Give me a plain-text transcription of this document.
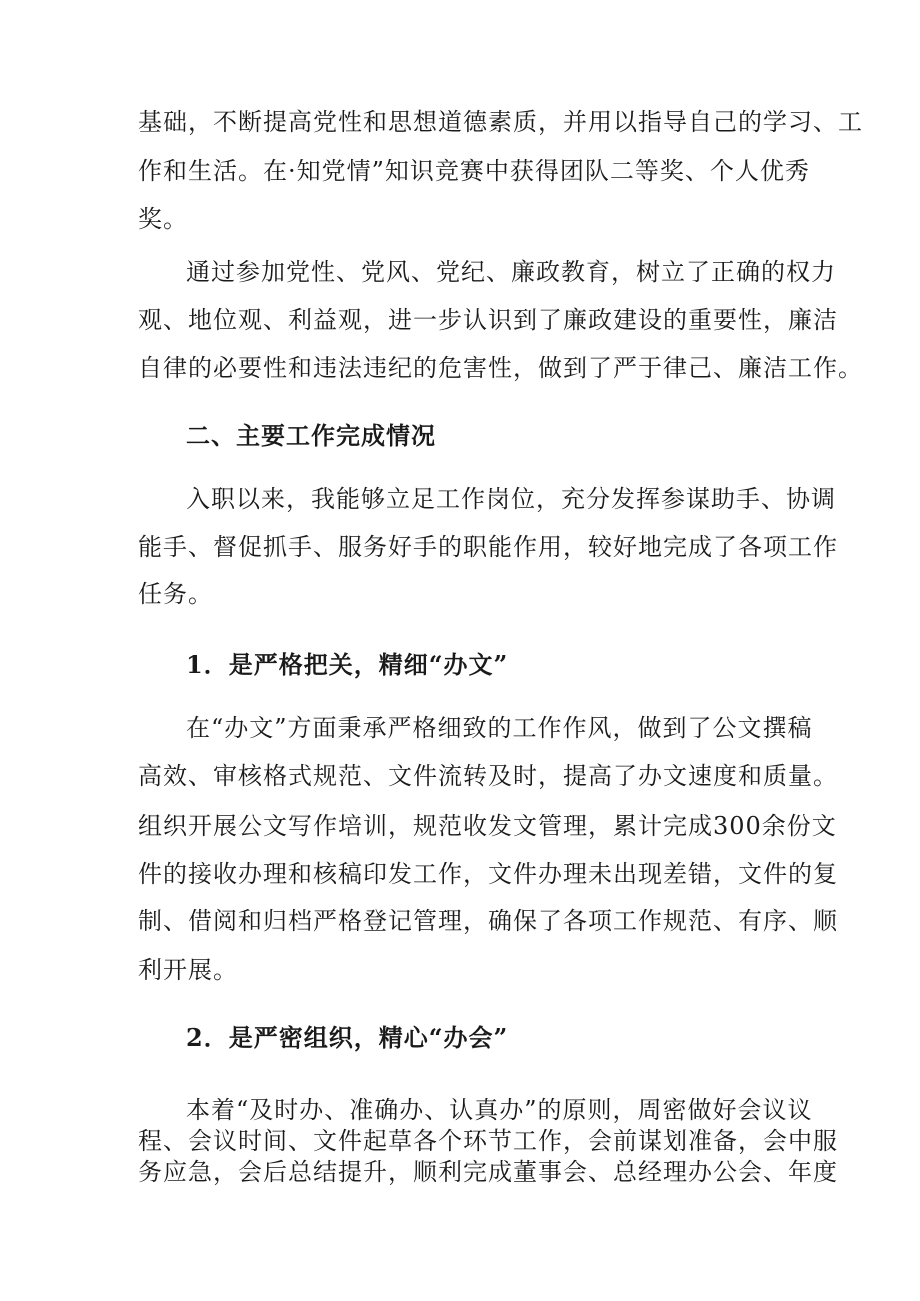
基础，不断提高党性和思想道德素质，并用以指导自己的学习、工
作和生活。在·知党情”知识竞赛中获得团队二等奖、个人优秀
奖。
通过参加党性、党风、党纪、廉政教育，树立了正确的权力
观、地位观、利益观，进一步认识到了廉政建设的重要性，廉洁
自律的必要性和违法违纪的危害性，做到了严于律己、廉洁工作。
二、主要工作完成情况
入职以来，我能够立足工作岗位，充分发挥参谋助手、协调
能手、督促抓手、服务好手的职能作用，较好地完成了各项工作
任务。
1．是严格把关，精细“办文”
在“办文”方面秉承严格细致的工作作风，做到了公文撰稿
高效、审核格式规范、文件流转及时，提高了办文速度和质量。
组织开展公文写作培训，规范收发文管理，累计完成300余份文
件的接收办理和核稿印发工作，文件办理未出现差错，文件的复
制、借阅和归档严格登记管理，确保了各项工作规范、有序、顺
利开展。
2．是严密组织，精心“办会”
本着“及时办、准确办、认真办”的原则，周密做好会议议
程、会议时间、文件起草各个环节工作，会前谋划准备，会中服
务应急，会后总结提升，顺利完成董事会、总经理办公会、年度
